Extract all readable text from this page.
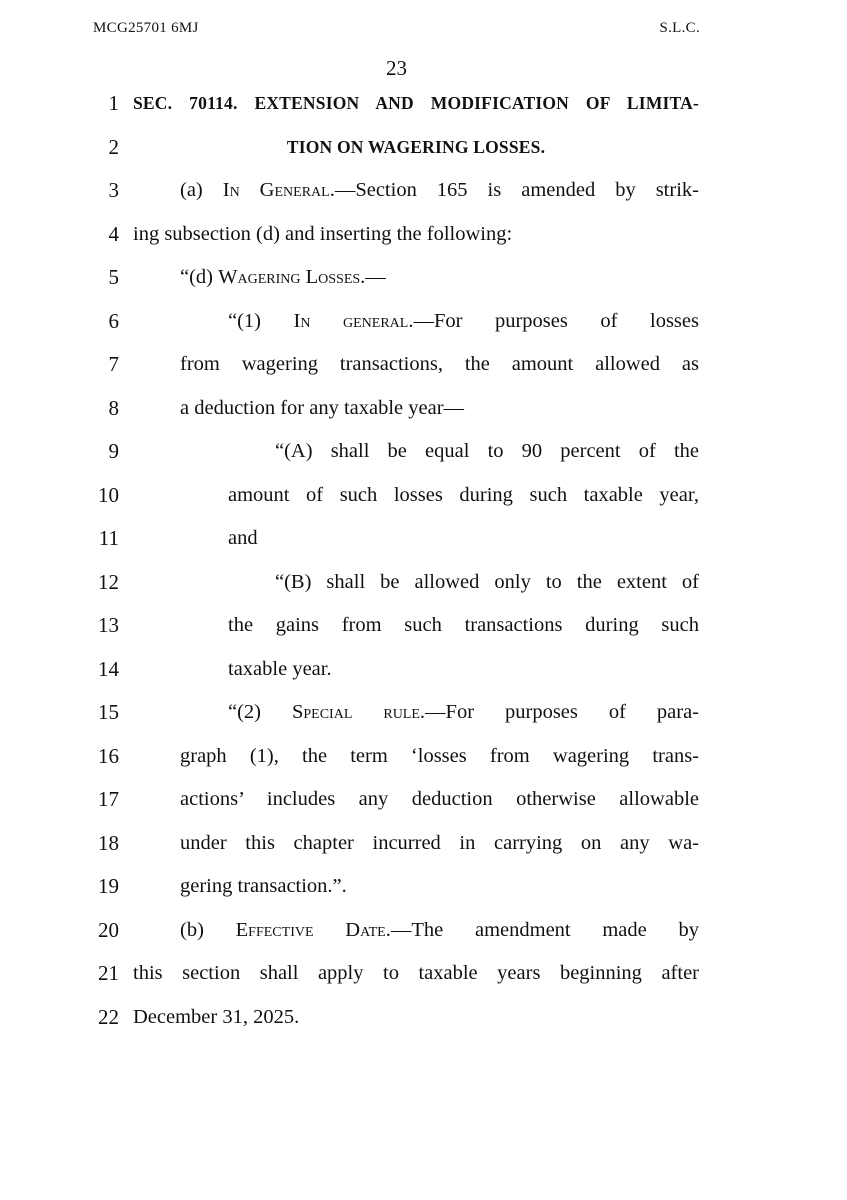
MCG25701 6MJ	S.L.C.
23
1 SEC. 70114. EXTENSION AND MODIFICATION OF LIMITA-
2	TION ON WAGERING LOSSES.
3	(a) In General.—Section 165 is amended by strik-
4 ing subsection (d) and inserting the following:
5	“(d) Wagering Losses.—
6	“(1) In general.—For purposes of losses
7	from wagering transactions, the amount allowed as
8	a deduction for any taxable year—
9	“(A) shall be equal to 90 percent of the
10	amount of such losses during such taxable year,
11	and
12	“(B) shall be allowed only to the extent of
13	the gains from such transactions during such
14	taxable year.
15	“(2) Special rule.—For purposes of para-
16	graph (1), the term ‘losses from wagering trans-
17	actions’ includes any deduction otherwise allowable
18	under this chapter incurred in carrying on any wa-
19	gering transaction.”.
20	(b) Effective Date.—The amendment made by
21 this section shall apply to taxable years beginning after
22 December 31, 2025.
